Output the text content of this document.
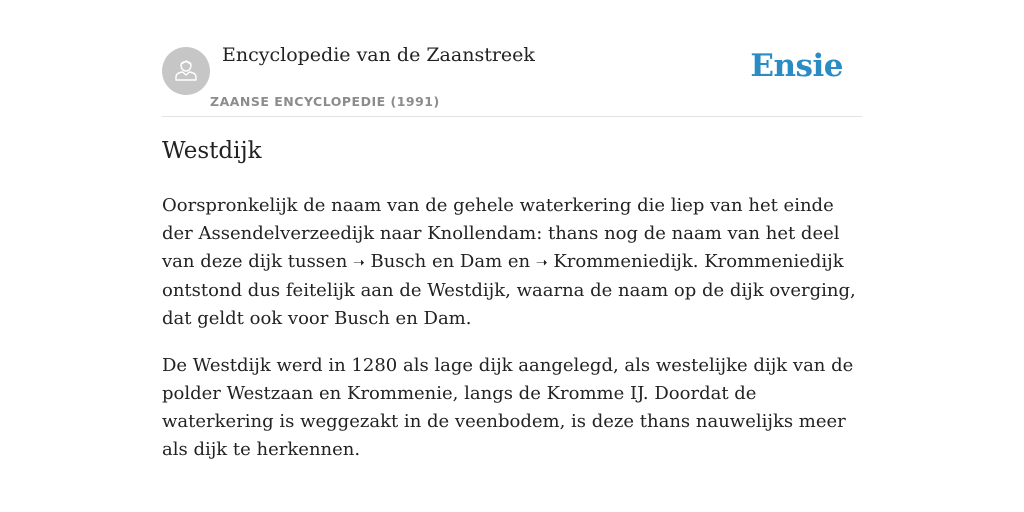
Encyclopedie van de Zaanstreek
ZAANSE ENCYCLOPEDIE (1991)
Ensie
Westdijk

Oorspronkelijk de naam van de gehele waterkering die liep van het einde der Assendelverzeedijk naar Knollendam: thans nog de naam van het deel van deze dijk tussen ➝ Busch en Dam en ➝ Krommeniedijk. Krommeniedijk ontstond dus feitelijk aan de Westdijk, waarna de naam op de dijk overging, dat geldt ook voor Busch en Dam.

De Westdijk werd in 1280 als lage dijk aangelegd, als westelijke dijk van de polder Westzaan en Krommenie, langs de Kromme IJ. Doordat de waterkering is weggezakt in de veenbodem, is deze thans nauwelijks meer als dijk te herkennen.
